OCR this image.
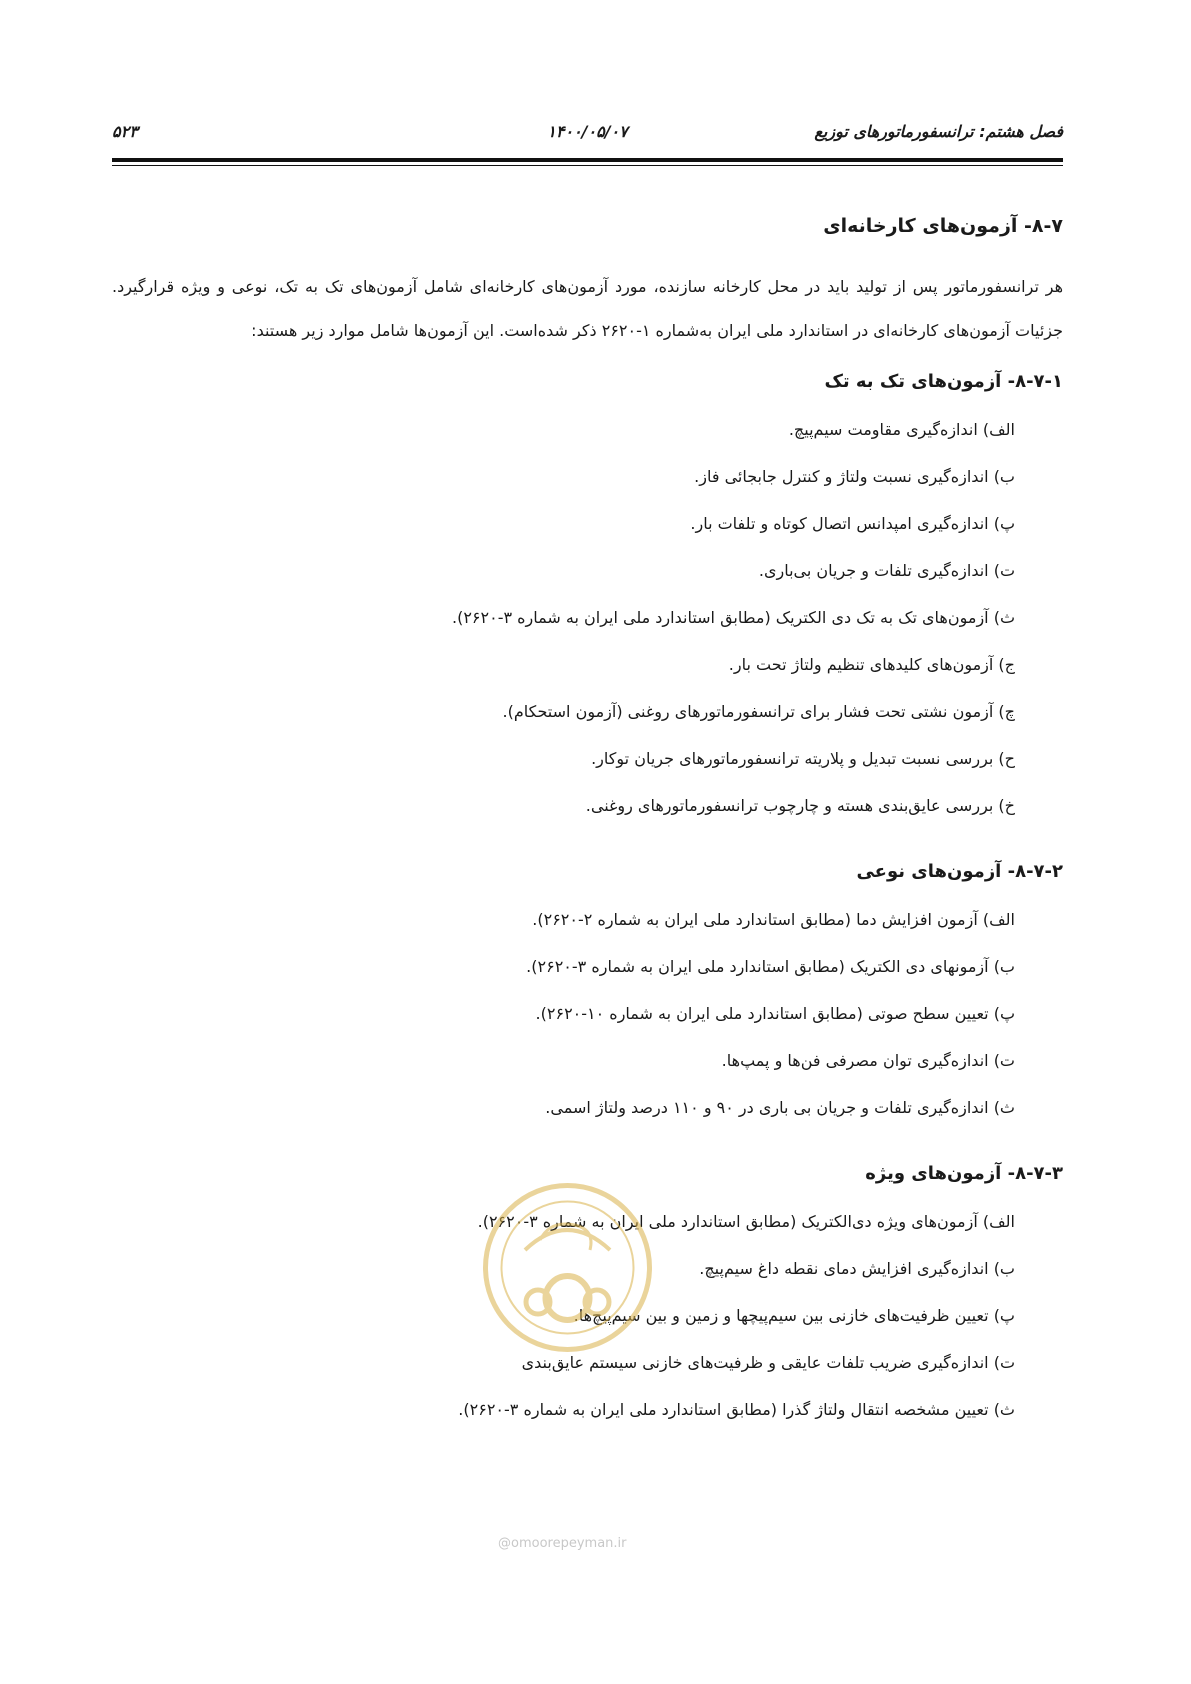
فصل هشتم: ترانسفورماتورهای توزیع
۱۴۰۰/۰۵/۰۷
۵۲۳
۸-۷- آزمون‌های کارخانه‌ای

هر ترانسفورماتور پس از تولید باید در محل کارخانه سازنده، مورد آزمون‌های کارخانه‌ای شامل آزمون‌های تک به تک، نوعی و ویژه قرارگیرد. جزئیات آزمون‌های کارخانه‌ای در استاندارد ملی ایران به‌شماره ۱-۲۶۲۰ ذکر شده‌است. این آزمون‌ها شامل موارد زیر هستند:

۸-۷-۱- آزمون‌های تک به تک
الف) اندازه‌گیری مقاومت سیم‌پیچ.
ب) اندازه‌گیری نسبت ولتاژ و کنترل جابجائی فاز.
پ) اندازه‌گیری امپدانس اتصال کوتاه و تلفات بار.
ت) اندازه‌گیری تلفات و جریان بی‌باری.
ث) آزمون‌های تک به تک دی الکتریک (مطابق استاندارد ملی ایران به شماره ۳-۲۶۲۰).
ج) آزمون‌های کلیدهای تنظیم ولتاژ تحت بار.
چ) آزمون نشتی تحت فشار برای ترانسفورماتورهای روغنی (آزمون استحکام).
ح) بررسی نسبت تبدیل و پلاریته ترانسفورماتورهای جریان توکار.
خ) بررسی عایق‌بندی هسته و چارچوب ترانسفورماتورهای روغنی.
۸-۷-۲- آزمون‌های نوعی
الف) آزمون افزایش دما (مطابق استاندارد ملی ایران به شماره ۲-۲۶۲۰).
ب) آزمونهای دی الکتریک (مطابق استاندارد ملی ایران به شماره ۳-۲۶۲۰).
پ) تعیین سطح صوتی (مطابق استاندارد ملی ایران به شماره ۱۰-۲۶۲۰).
ت) اندازه‌گیری توان مصرفی فن‌ها و پمپ‌ها.
ث) اندازه‌گیری تلفات و جریان بی باری در ۹۰ و ۱۱۰ درصد ولتاژ اسمی.
۸-۷-۳- آزمون‌های ویژه
الف) آزمون‌های ویژه دی‌الکتریک (مطابق استاندارد ملی ایران به شماره ۳-۲۶۲۰).
ب) اندازه‌گیری افزایش دمای نقطه داغ سیم‌پیچ.
پ) تعیین ظرفیت‌های خازنی بین سیم‌پیچها و زمین و بین سیم‌پیچ‌ها.
ت) اندازه‌گیری ضریب تلفات عایقی و ظرفیت‌های خازنی سیستم عایق‌بندی
ث) تعیین مشخصه انتقال ولتاژ گذرا (مطابق استاندارد ملی ایران به شماره ۳-۲۶۲۰).
@omoorepeyman.ir
